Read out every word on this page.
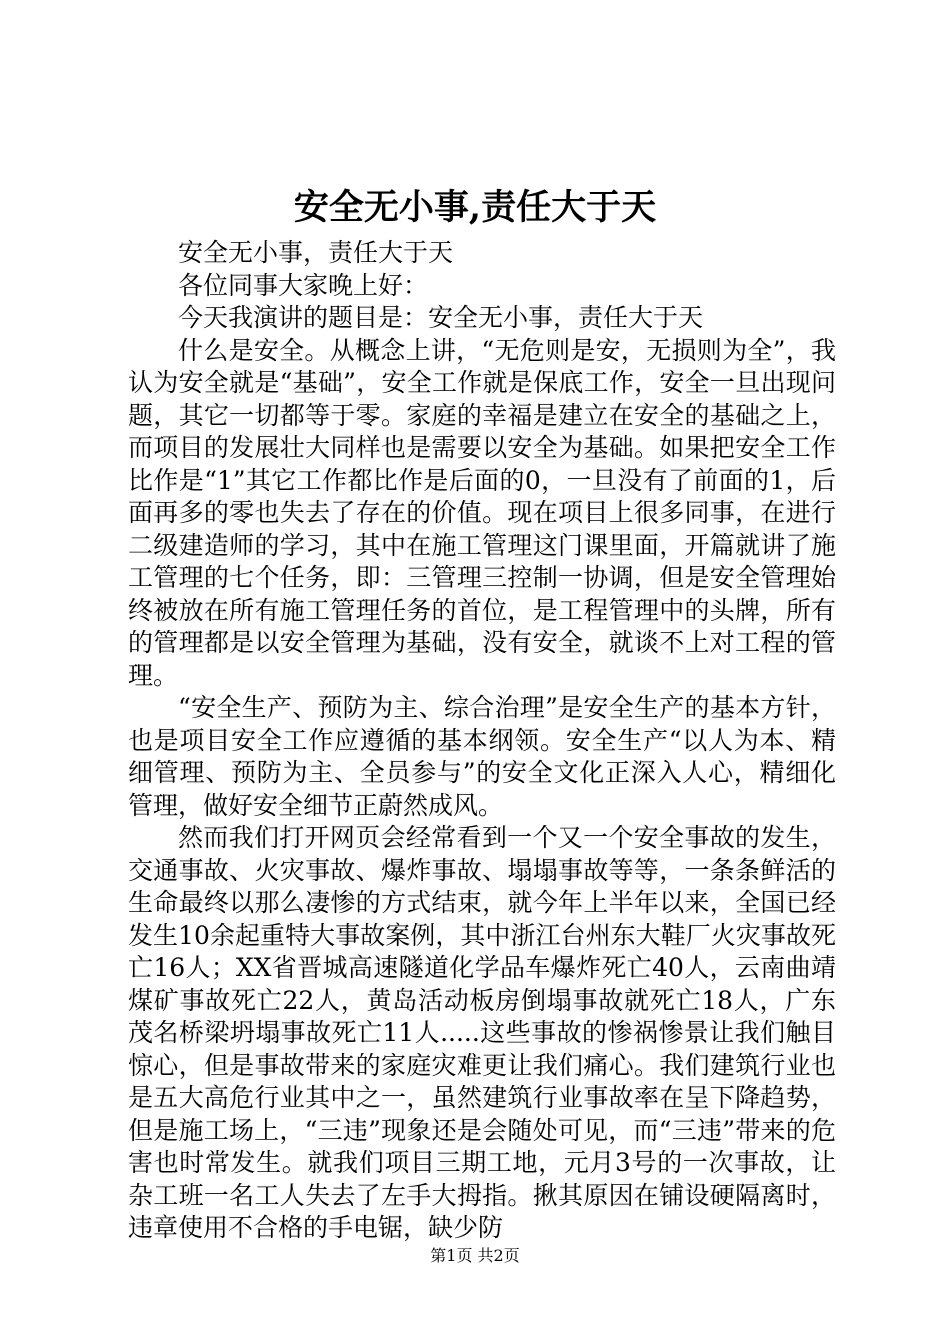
安全无小事,责任大于天

安全无小事，责任大于天

各位同事大家晚上好：

今天我演讲的题目是：安全无小事，责任大于天

什么是安全。从概念上讲，“无危则是安，无损则为全”，我认为安全就是“基础”，安全工作就是保底工作，安全一旦出现问题，其它一切都等于零。家庭的幸福是建立在安全的基础之上，而项目的发展壮大同样也是需要以安全为基础。如果把安全工作比作是“1”其它工作都比作是后面的0，一旦没有了前面的1，后面再多的零也失去了存在的价值。现在项目上很多同事，在进行二级建造师的学习，其中在施工管理这门课里面，开篇就讲了施工管理的七个任务，即：三管理三控制一协调，但是安全管理始终被放在所有施工管理任务的首位，是工程管理中的头牌，所有的管理都是以安全管理为基础，没有安全，就谈不上对工程的管理。

“安全生产、预防为主、综合治理”是安全生产的基本方针，也是项目安全工作应遵循的基本纲领。安全生产“以人为本、精细管理、预防为主、全员参与”的安全文化正深入人心，精细化管理，做好安全细节正蔚然成风。

然而我们打开网页会经常看到一个又一个安全事故的发生，交通事故、火灾事故、爆炸事故、塌塌事故等等，一条条鲜活的生命最终以那么凄惨的方式结束，就今年上半年以来，全国已经发生10余起重特大事故案例，其中浙江台州东大鞋厂火灾事故死亡16人；XX省晋城高速隧道化学品车爆炸死亡40人，云南曲靖煤矿事故死亡22人，黄岛活动板房倒塌事故就死亡18人，广东茂名桥梁坍塌事故死亡11人.....这些事故的惨祸惨景让我们触目惊心，但是事故带来的家庭灾难更让我们痛心。我们建筑行业也是五大高危行业其中之一，虽然建筑行业事故率在呈下降趋势，但是施工场上，“三违”现象还是会随处可见，而“三违”带来的危害也时常发生。就我们项目三期工地，元月3号的一次事故，让杂工班一名工人失去了左手大拇指。揪其原因在铺设硬隔离时，违章使用不合格的手电锯，缺少防

第1页 共2页
